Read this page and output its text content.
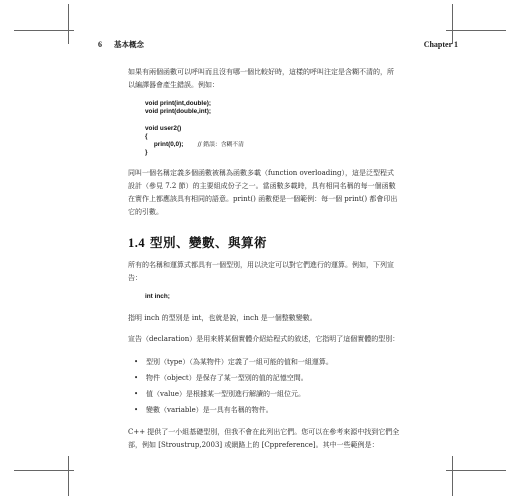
6 基本概念	Chapter 1

如果有兩個函數可以呼叫而且沒有哪一個比較好時，這樣的呼叫注定是含糊不清的，所以編譯器會產生錯誤。例如：

void print(int,double);
void print(double,int);
void user2()
{
print(0,0);        // 錯誤：含糊不清
}

同叫一個名稱定義多個函數被稱為函數多載（function overloading），這是泛型程式設計（參見 7.2 節）的主要組成份子之一。當函數多載時，具有相同名稱的每一個函數在實作上都應該具有相同的語意。print() 函數便是一個範例：每一個 print() 都會印出它的引數。

1.4 型別、變數、與算術

所有的名稱和運算式都具有一個型別，用以決定可以對它們進行的運算。例如，下列宣告：

int inch;

指明 inch 的型別是 int，也就是說，inch 是一個整數變數。

宣告（declaration）是用來將某個實體介紹給程式的敘述，它指明了這個實體的型別：

• 型別（type）（為某物件）定義了一組可能的值和一組運算。
• 物件（object）是保存了某一型別的值的記憶空間。
• 值（value）是根據某一型別進行解讀的一組位元。
• 變數（variable）是一具有名稱的物件。

C++ 提供了一小組基礎型別，但我不會在此列出它們。您可以在參考來源中找到它們全部，例如 [Stroustrup,2003] 或網路上的 [Cppreference]。其中一些範例是：
